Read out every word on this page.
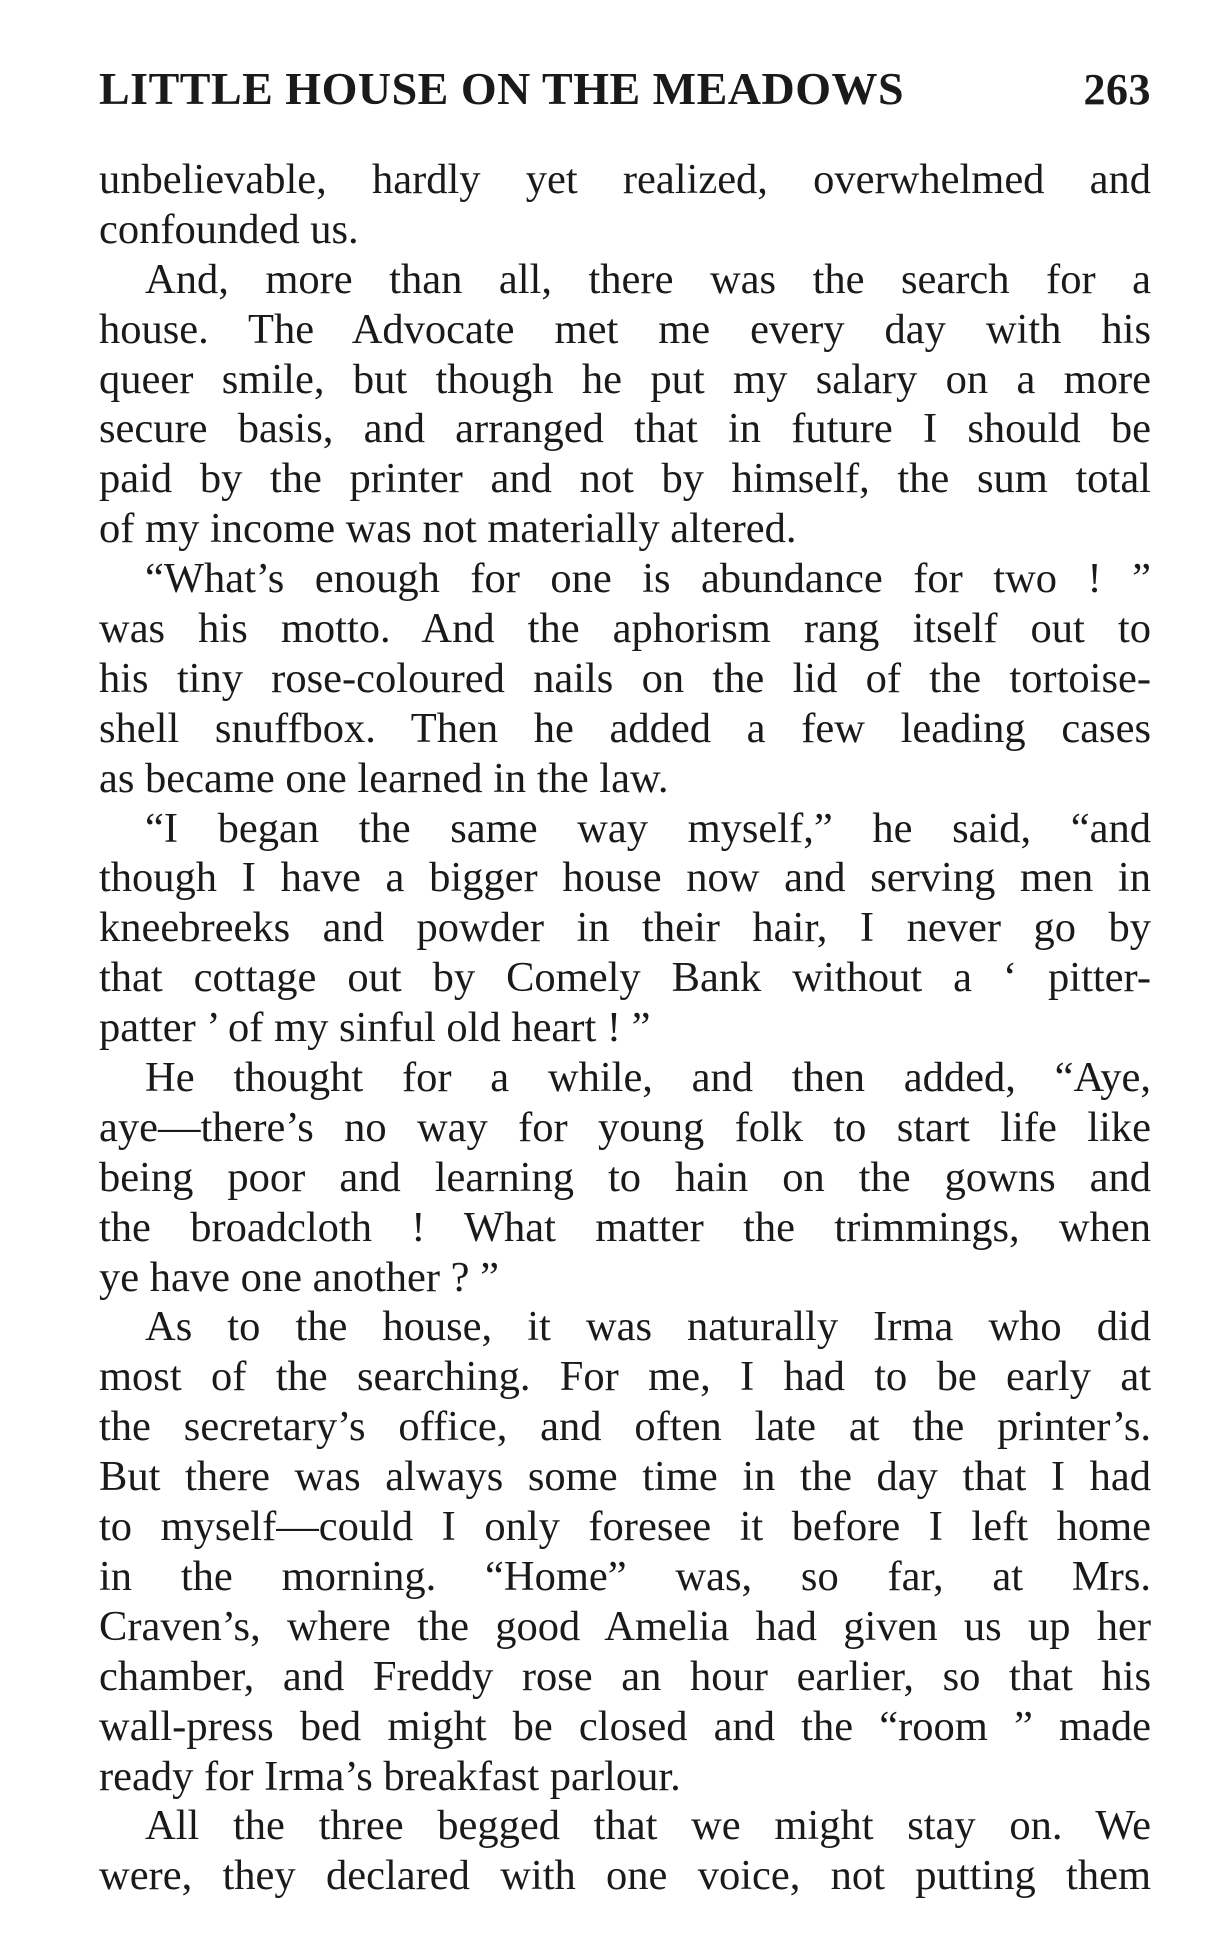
LITTLE HOUSE ON THE MEADOWS	263
unbelievable, hardly yet realized, overwhelmed and
confounded us.
And, more than all, there was the search for a
house. The Advocate met me every day with his
queer smile, but though he put my salary on a more
secure basis, and arranged that in future I should be
paid by the printer and not by himself, the sum total
of my income was not materially altered.
“What’s enough for one is abundance for two ! ”
was his motto. And the aphorism rang itself out to
his tiny rose-coloured nails on the lid of the tortoise-
shell snuffbox. Then he added a few leading cases
as became one learned in the law.
“I began the same way myself,” he said, “and
though I have a bigger house now and serving men in
kneebreeks and powder in their hair, I never go by
that cottage out by Comely Bank without a ‘ pitter-
patter ’ of my sinful old heart ! ”
He thought for a while, and then added, “Aye,
aye—there’s no way for young folk to start life like
being poor and learning to hain on the gowns and
the broadcloth ! What matter the trimmings, when
ye have one another ? ”
As to the house, it was naturally Irma who did
most of the searching. For me, I had to be early at
the secretary’s office, and often late at the printer’s.
But there was always some time in the day that I had
to myself—could I only foresee it before I left home
in the morning. “Home” was, so far, at Mrs.
Craven’s, where the good Amelia had given us up her
chamber, and Freddy rose an hour earlier, so that his
wall-press bed might be closed and the “room ” made
ready for Irma’s breakfast parlour.
All the three begged that we might stay on. We
were, they declared with one voice, not putting them
